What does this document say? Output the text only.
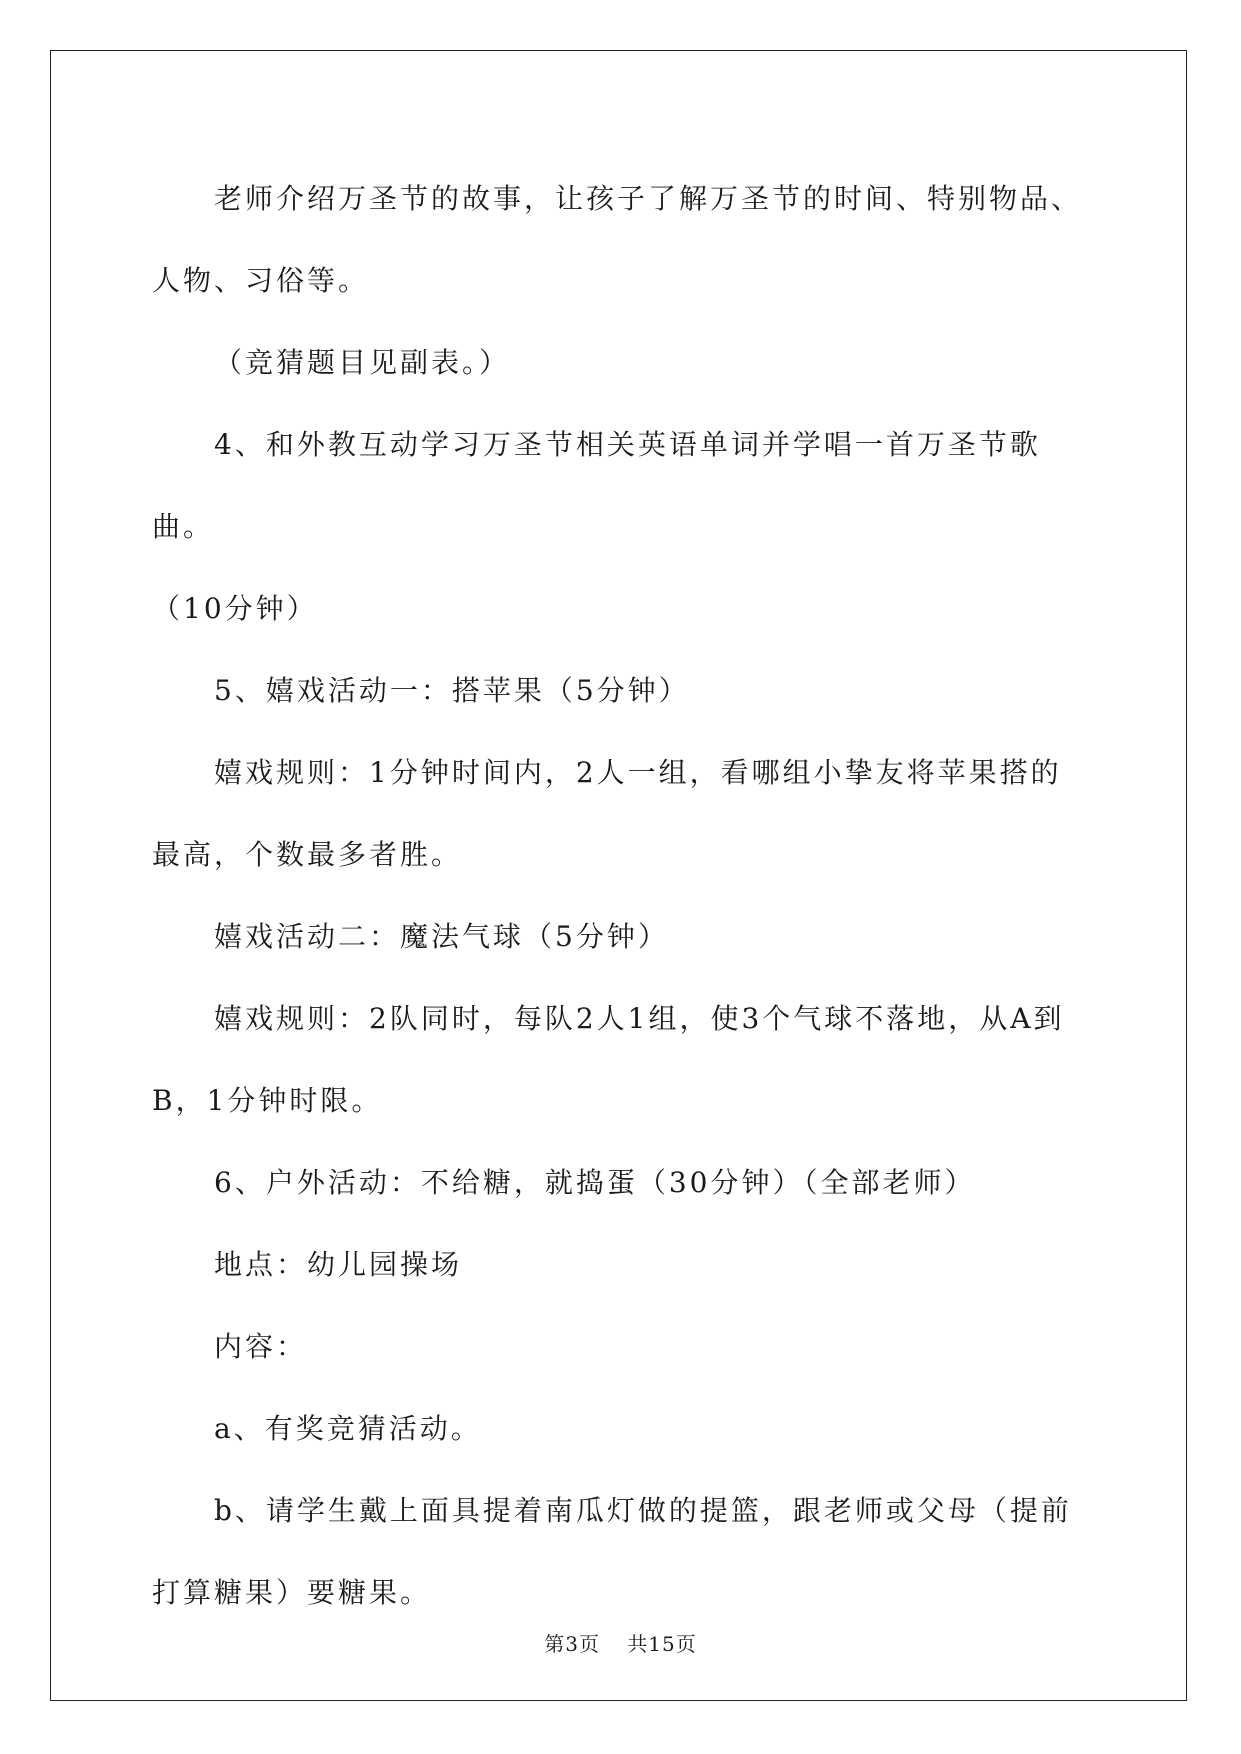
老师介绍万圣节的故事，让孩子了解万圣节的时间、特别物品、人物、习俗等。

（竞猜题目见副表。）

4、和外教互动学习万圣节相关英语单词并学唱一首万圣节歌曲。

（10分钟）

5、嬉戏活动一：搭苹果（5分钟）

嬉戏规则：1分钟时间内，2人一组，看哪组小挚友将苹果搭的最高，个数最多者胜。

嬉戏活动二：魔法气球（5分钟）

嬉戏规则：2队同时，每队2人1组，使3个气球不落地，从A到B，1分钟时限。

6、户外活动：不给糖，就捣蛋（30分钟）（全部老师）

地点：幼儿园操场

内容：

a、有奖竞猜活动。

b、请学生戴上面具提着南瓜灯做的提篮，跟老师或父母（提前打算糖果）要糖果。

第3页 共15页
